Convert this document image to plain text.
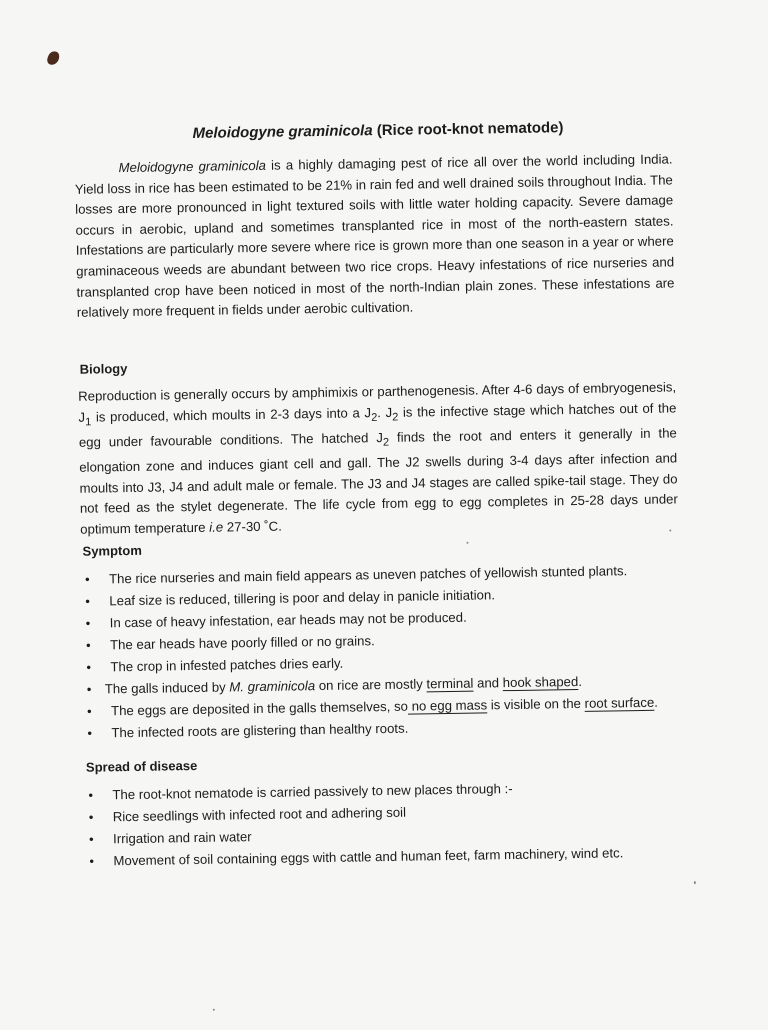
Meloidogyne graminicola (Rice root-knot nematode)

Meloidogyne graminicola is a highly damaging pest of rice all over the world including India. Yield loss in rice has been estimated to be 21% in rain fed and well drained soils throughout India. The losses are more pronounced in light textured soils with little water holding capacity. Severe damage occurs in aerobic, upland and sometimes transplanted rice in most of the north-eastern states. Infestations are particularly more severe where rice is grown more than one season in a year or where graminaceous weeds are abundant between two rice crops. Heavy infestations of rice nurseries and transplanted crop have been noticed in most of the north-Indian plain zones. These infestations are relatively more frequent in fields under aerobic cultivation.

Biology

Reproduction is generally occurs by amphimixis or parthenogenesis. After 4-6 days of embryogenesis, $J_1$ is produced, which moults in 2-3 days into a $J_2$. $J_2$ is the infective stage which hatches out of the egg under favourable conditions. The hatched $J_2$ finds the root and enters it generally in the elongation zone and induces giant cell and gall. The J2 swells during 3-4 days after infection and moults into J3, J4 and adult male or female. The J3 and J4 stages are called spike-tail stage. They do not feed as the stylet degenerate. The life cycle from egg to egg completes in 25-28 days under optimum temperature i.e 27-30 ˚C.

Symptom
• The rice nurseries and main field appears as uneven patches of yellowish stunted plants.
• Leaf size is reduced, tillering is poor and delay in panicle initiation.
• In case of heavy infestation, ear heads may not be produced.
• The ear heads have poorly filled or no grains.
• The crop in infested patches dries early.
• The galls induced by M. graminicola on rice are mostly terminal and hook shaped.
• The eggs are deposited in the galls themselves, so no egg mass is visible on the root surface.
• The infected roots are glistering than healthy roots.
Spread of disease
• The root-knot nematode is carried passively to new places through :-
• Rice seedlings with infected root and adhering soil
• Irrigation and rain water
• Movement of soil containing eggs with cattle and human feet, farm machinery, wind etc.
